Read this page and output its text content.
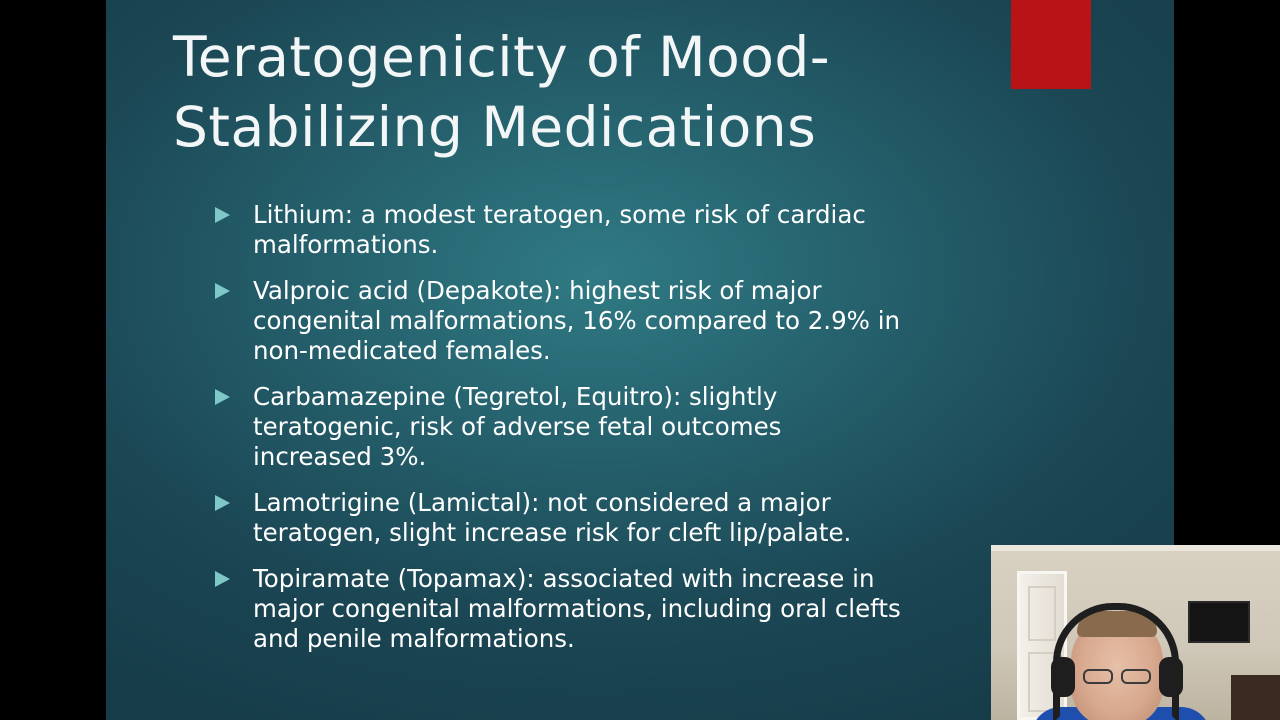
Teratogenicity of Mood-
Stabilizing Medications
Lithium: a modest teratogen, some risk of cardiac
malformations.
Valproic acid (Depakote): highest risk of major
congenital malformations, 16% compared to 2.9% in
non-medicated females.
Carbamazepine (Tegretol, Equitro): slightly
teratogenic, risk of adverse fetal outcomes
increased 3%.
Lamotrigine (Lamictal): not considered a major
teratogen, slight increase risk for cleft lip/palate.
Topiramate (Topamax): associated with increase in
major congenital malformations, including oral clefts
and penile malformations.
